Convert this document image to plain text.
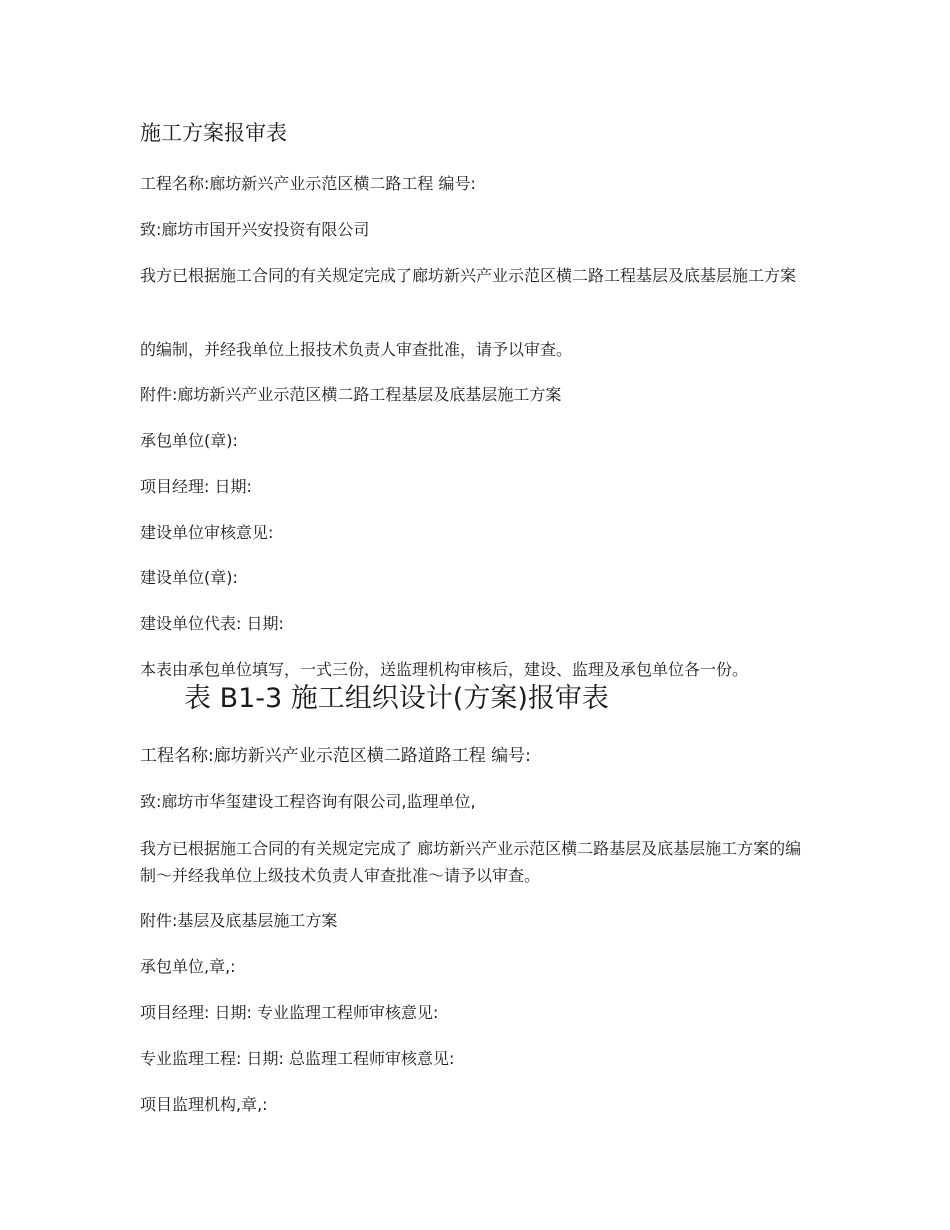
施工方案报审表
工程名称:廊坊新兴产业示范区横二路工程 编号:
致:廊坊市国开兴安投资有限公司
我方已根据施工合同的有关规定完成了廊坊新兴产业示范区横二路工程基层及底基层施工方案
的编制，并经我单位上报技术负责人审查批准，请予以审查。
附件:廊坊新兴产业示范区横二路工程基层及底基层施工方案
承包单位(章):
项目经理: 日期:
建设单位审核意见:
建设单位(章):
建设单位代表: 日期:
本表由承包单位填写，一式三份，送监理机构审核后，建设、监理及承包单位各一份。
表 B1-3 施工组织设计(方案)报审表
工程名称:廊坊新兴产业示范区横二路道路工程 编号:
致:廊坊市华玺建设工程咨询有限公司,监理单位,
我方已根据施工合同的有关规定完成了 廊坊新兴产业示范区横二路基层及底基层施工方案的编制～并经我单位上级技术负责人审查批准～请予以审查。
附件:基层及底基层施工方案
承包单位,章,:
项目经理: 日期: 专业监理工程师审核意见:
专业监理工程: 日期: 总监理工程师审核意见:
项目监理机构,章,:
